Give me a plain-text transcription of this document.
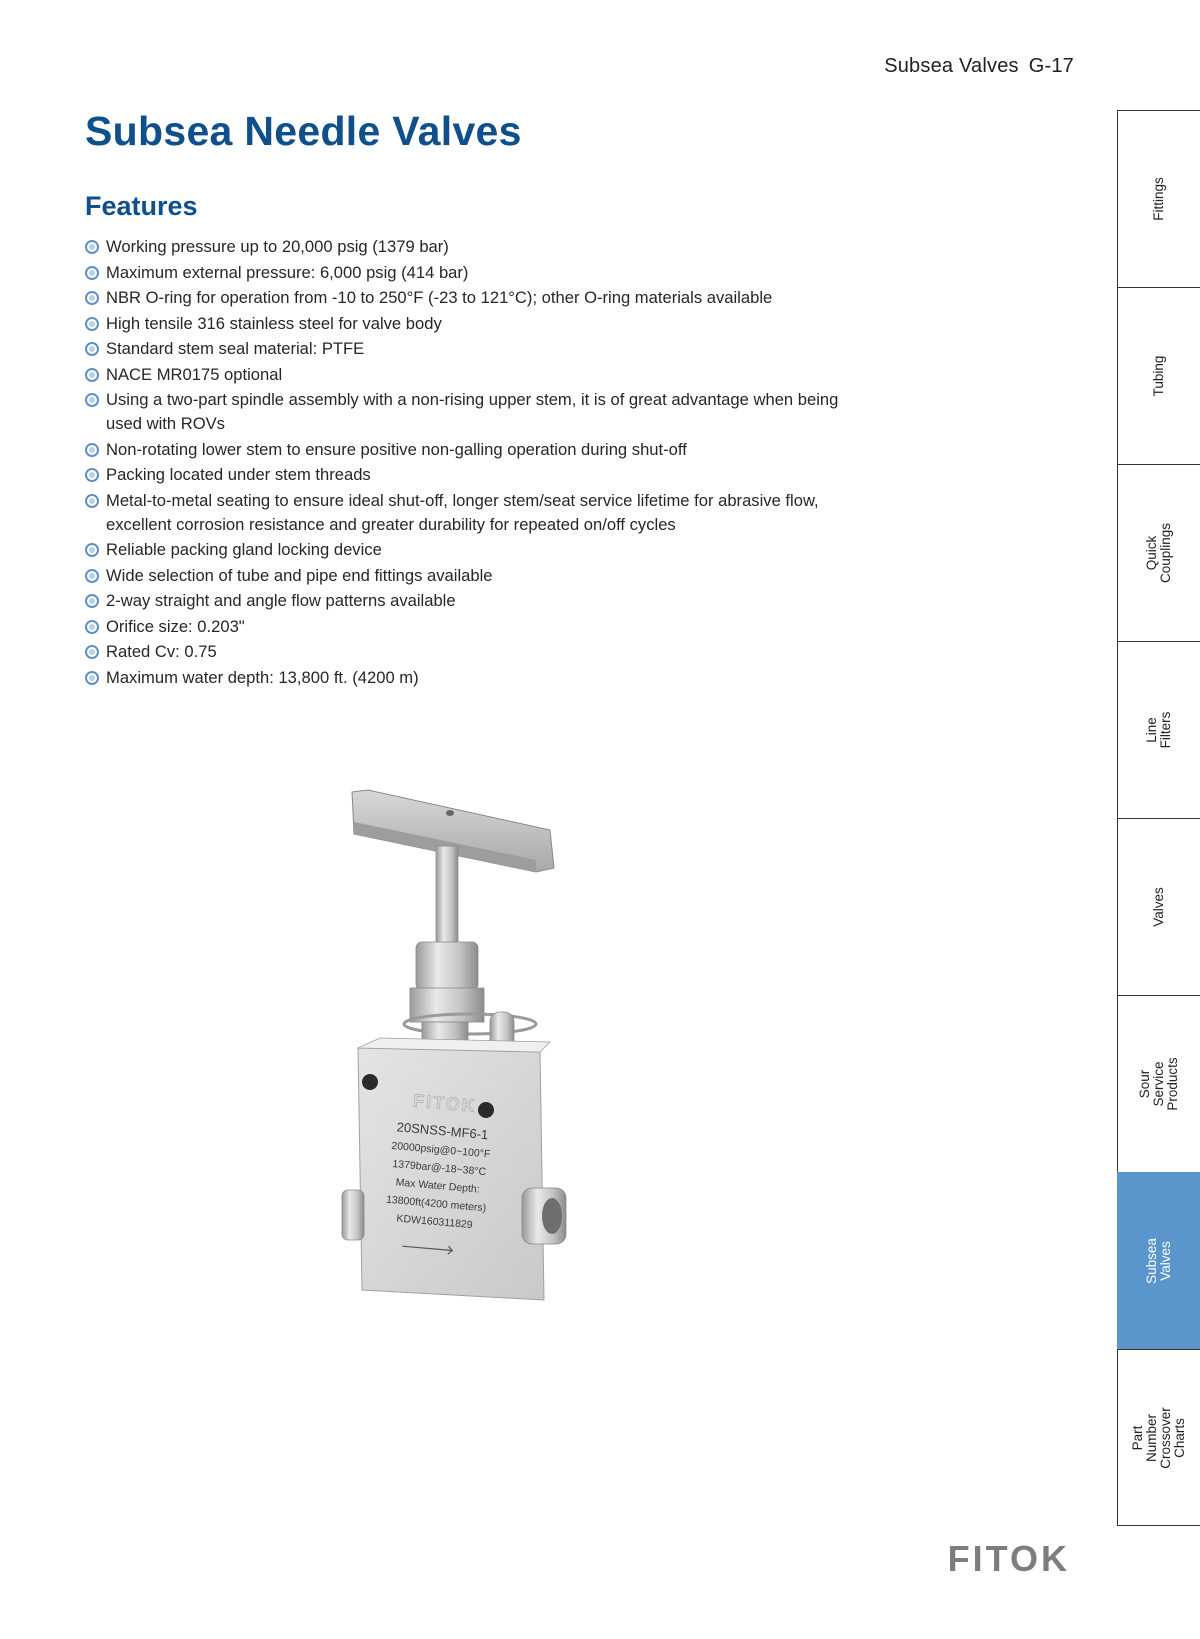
Subsea Valves G-17
Subsea Needle Valves
Features
Working pressure up to 20,000 psig (1379 bar)
Maximum external pressure: 6,000 psig (414 bar)
NBR O-ring for operation from -10 to 250°F (-23 to 121°C); other O-ring materials available
High tensile 316 stainless steel for valve body
Standard stem seal material: PTFE
NACE MR0175 optional
Using a two-part spindle assembly with a non-rising upper stem, it is of great advantage when being used with ROVs
Non-rotating lower stem to ensure positive non-galling operation during shut-off
Packing located under stem threads
Metal-to-metal seating to ensure ideal shut-off, longer stem/seat service lifetime for abrasive flow, excellent corrosion resistance and greater durability for repeated on/off cycles
Reliable packing gland locking device
Wide selection of tube and pipe end fittings available
2-way straight and angle flow patterns available
Orifice size: 0.203"
Rated Cv: 0.75
Maximum water depth: 13,800 ft. (4200 m)
FITOK
20SNSS-MF6-1
20000psig@0~100°F
1379bar@-18~38°C
Max Water Depth:
13800ft(4200 meters)
KDW160311829
Fittings
Tubing
Quick Couplings
Line Filters
Valves
Sour Service
Products
Subsea Valves
Part Number
Crossover Charts
FITOK
